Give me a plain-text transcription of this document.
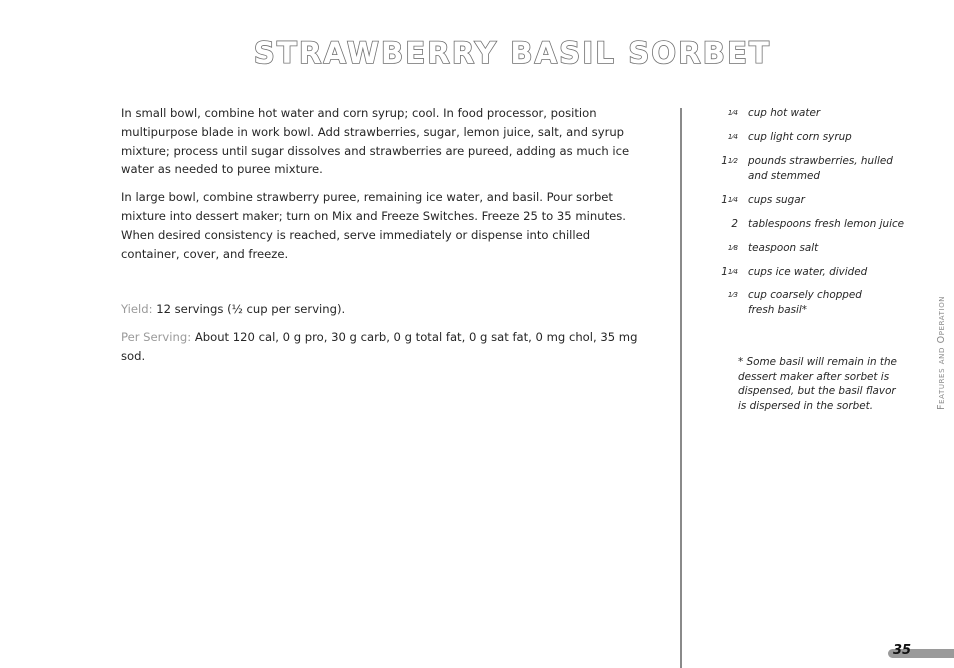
STRAWBERRY BASIL SORBET

In small bowl, combine hot water and corn syrup; cool. In food processor, position multipurpose blade in work bowl. Add strawberries, sugar, lemon juice, salt, and syrup mixture; process until sugar dissolves and strawberries are pureed, adding as much ice water as needed to puree mixture.

In large bowl, combine strawberry puree, remaining ice water, and basil. Pour sorbet mixture into dessert maker; turn on Mix and Freeze Switches. Freeze 25 to 35 minutes. When desired consistency is reached, serve immediately or dispense into chilled container, cover, and freeze.

Yield: 12 servings (½ cup per serving).

Per Serving: About 120 cal, 0 g pro, 30 g carb, 0 g total fat, 0 g sat fat, 0 mg chol, 35 mg sod.

1⁄4 cup hot water
1⁄4 cup light corn syrup
11⁄2 pounds strawberries, hulled
and stemmed
11⁄4 cups sugar
2 tablespoons fresh lemon juice
1⁄8 teaspoon salt
11⁄4 cups ice water, divided
1⁄3 cup coarsely chopped
fresh basil*

* Some basil will remain in the
dessert maker after sorbet is
dispensed, but the basil flavor
is dispersed in the sorbet.	Features and Operation

35
